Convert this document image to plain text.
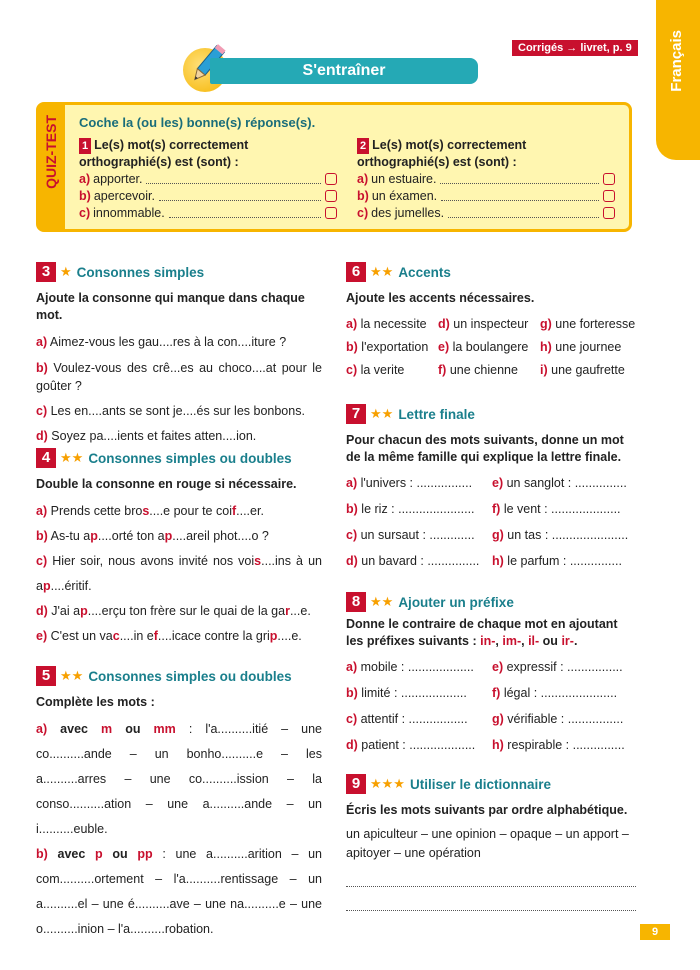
Français
Corrigés → livret, p. 9
S'entraîner
QUIZ-TEST Coche la (ou les) bonne(s) réponse(s).
1 Le(s) mot(s) correctement orthographié(s) est (sont) :
a) apporter.
b) apercevoir.
c) innommable.
2 Le(s) mot(s) correctement orthographié(s) est (sont) :
a) un estuaire.
b) un éxamen.
c) des jumelles.
3 ★ Consonnes simples
Ajoute la consonne qui manque dans chaque mot.

a) Aimez-vous les gau....res à la con....iture ?

b) Voulez-vous des crê...es au choco....at pour le goûter ?

c) Les en....ants se sont je....és sur les bonbons.

d) Soyez pa....ients et faites atten....ion.

4 ★★ Consonnes simples ou doubles
Double la consonne en rouge si nécessaire.

a) Prends cette bros....e pour te coif....er.

b) As-tu ap....orté ton ap....areil phot....o ?

c) Hier soir, nous avons invité nos vois....ins à un ap....éritif.

d) J'ai ap....erçu ton frère sur le quai de la gar...e.

e) C'est un vac....in ef....icace contre la grip....e.

5 ★★ Consonnes simples ou doubles
Complète les mots :

a) avec m ou mm : l'a..........itié – une co..........ande – un bonho..........e – les a..........arres – une co..........ission – la conso..........ation – une a..........ande – un i..........euble.

b) avec p ou pp : une a..........arition – un com..........ortement – l'a..........rentissage – un a..........el – une é..........ave – une na..........e – une o..........inion – l'a..........robation.

6 ★★ Accents
Ajoute les accents nécessaires.
a) la necessite d) un inspecteur g) une forteresse
b) l'exportation e) la boulangere h) une journee
c) la verite	f) une chienne	i) une gaufrette
7 ★★ Lettre finale
Pour chacun des mots suivants, donne un mot de la même famille qui explique la lettre finale.
a) l'univers : ................	e) un sanglot : ...............
b) le riz : ......................	f) le vent : ....................
c) un sursaut : .............	g) un tas : ......................
d) un bavard : ...............	h) le parfum : ...............
8 ★★ Ajouter un préfixe
Donne le contraire de chaque mot en ajoutant les préfixes suivants : in-, im-, il- ou ir-.
a) mobile : ...................	e) expressif : ................
b) limité : ...................	f) légal : ......................
c) attentif : .................	g) vérifiable : ................
d) patient : ...................	h) respirable : ...............
9 ★★★ Utiliser le dictionnaire
Écris les mots suivants par ordre alphabétique.

un apiculteur – une opinion – opaque – un apport – apitoyer – une opération

9
